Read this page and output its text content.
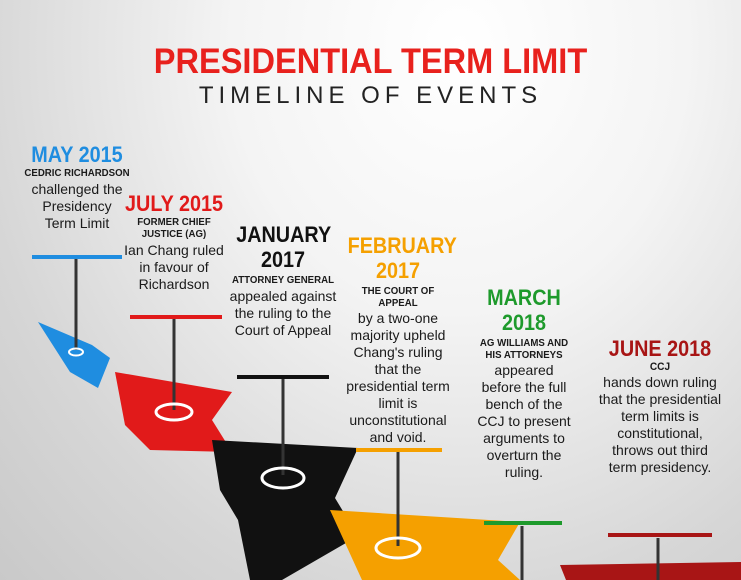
PRESIDENTIAL TERM LIMIT
TIMELINE OF EVENTS
MAY 2015
CEDRIC RICHARDSON
challenged the Presidency Term Limit
JULY 2015
FORMER CHIEF JUSTICE (AG)
Ian Chang ruled in favour of Richardson
JANUARY 2017
ATTORNEY GENERAL
appealed against the ruling to the Court of Appeal
FEBRUARY 2017
THE COURT OF APPEAL
by a two-one majority upheld Chang's ruling that the presidential term limit is unconstitutional and void.
MARCH 2018
AG WILLIAMS AND HIS ATTORNEYS
appeared before the full bench of the CCJ to present arguments to overturn the ruling.
JUNE 2018
CCJ
hands down ruling that the presidential term limits is constitutional, throws out third term presidency.
